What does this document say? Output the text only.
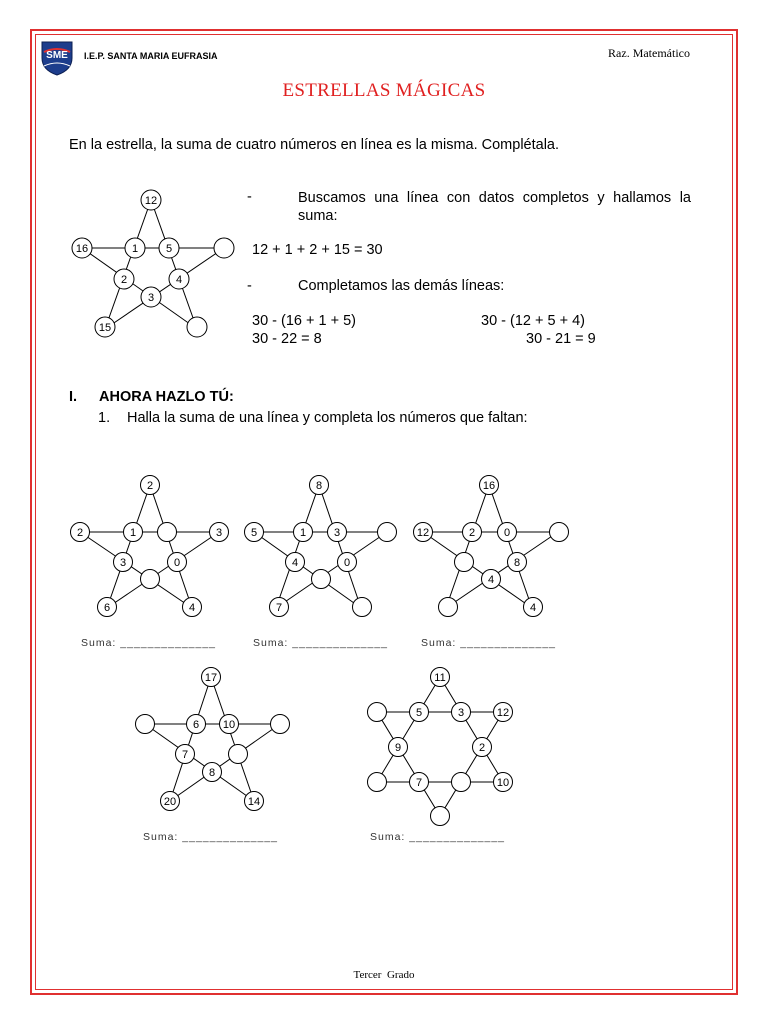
SME I.E.P. SANTA MARIA EUFRASIA	Raz. Matemático
ESTRELLAS MÁGICAS
En la estrella, la suma de cuatro números en línea es la misma. Complétala.
12
16	1	5
2	4
3
15
-	Buscamos una línea con datos completos y hallamos la suma:
12 + 1 + 2 + 15 = 30
-	Completamos las demás líneas:
30 - (16 + 1 + 5)
30 - 22 = 8
30 - (12 + 5 + 4)
30 - 21 = 9
I. AHORA HAZLO TÚ:
1. Halla la suma de una línea y completa los números que faltan:
2
2	1	3
3	0
6	4
Suma: ______________
8
5	1	3
4	0
7
Suma: ______________
16
12	2	0
8
4
4
Suma: ______________
17
6 10
7
8
20	14
Suma: ______________
11
5	3	12
9	2
7	10
Suma: ______________
Tercer  Grado
